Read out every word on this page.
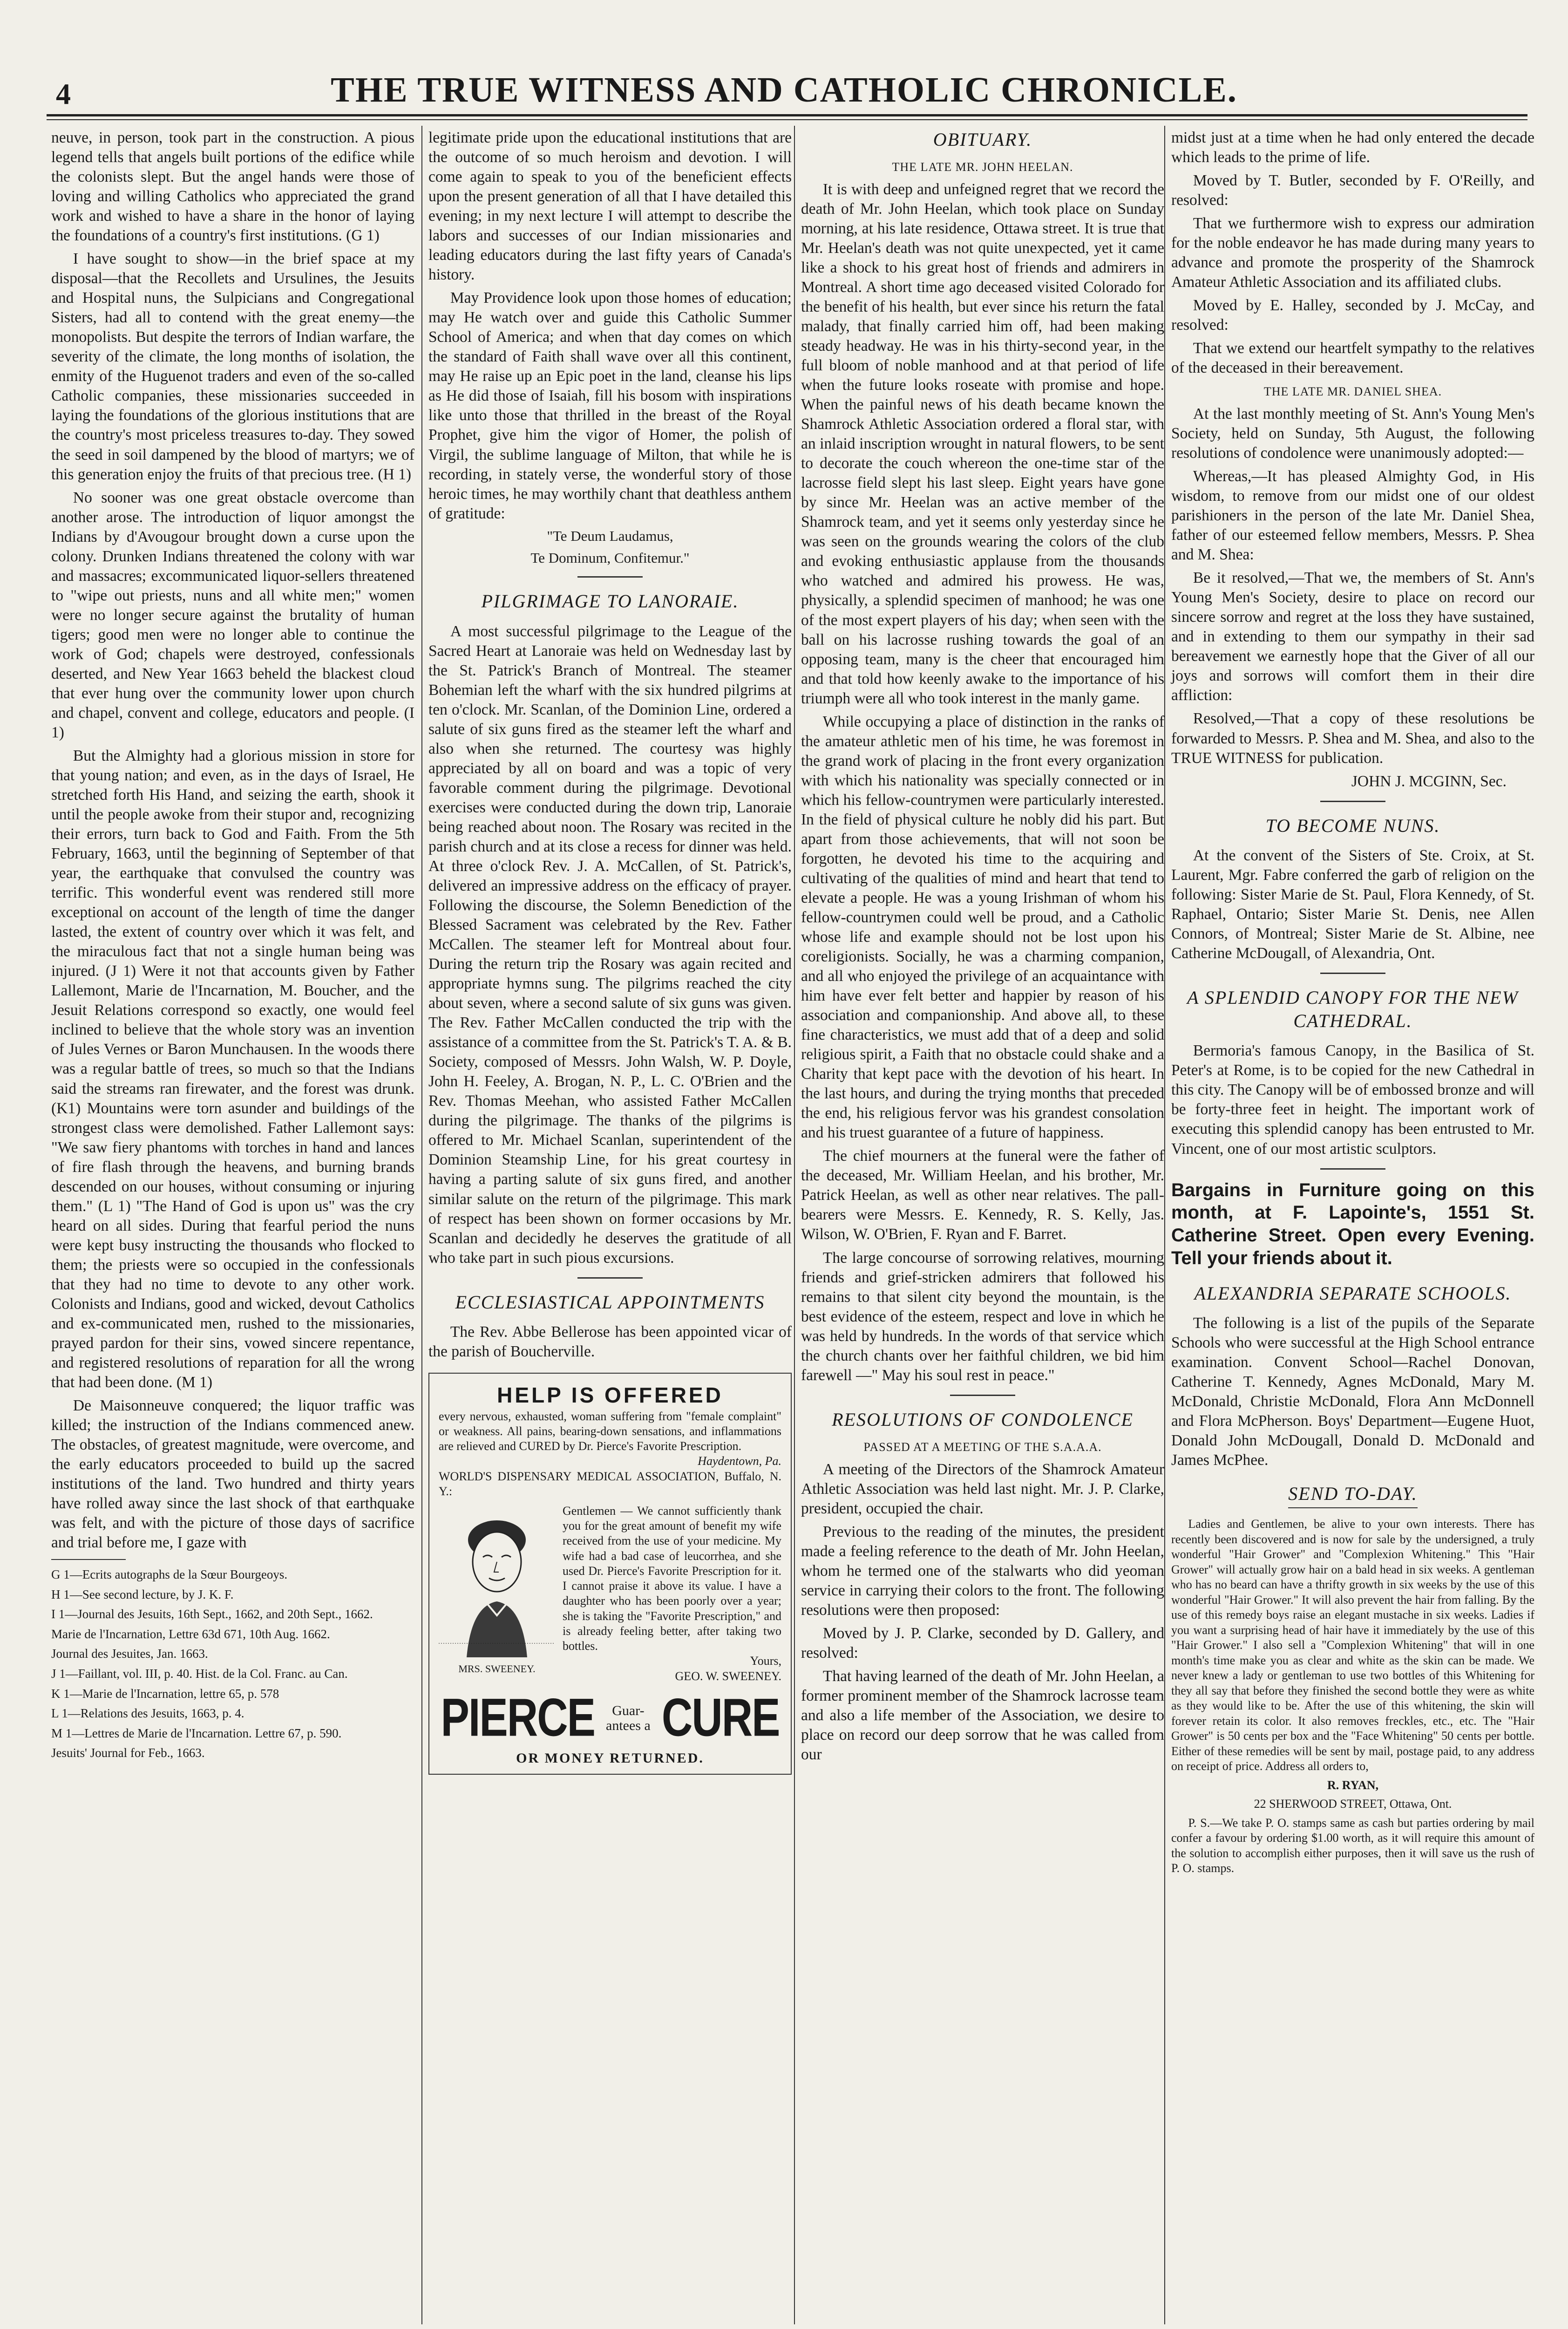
4	THE TRUE WITNESS AND CATHOLIC CHRONICLE.

neuve, in person, took part in the construction. A pious legend tells that angels built portions of the edifice while the colonists slept. But the angel hands were those of loving and willing Catholics who appreciated the grand work and wished to have a share in the honor of laying the foundations of a country's first institutions. (G 1)

I have sought to show—in the brief space at my disposal—that the Recollets and Ursulines, the Jesuits and Hospital nuns, the Sulpicians and Congregational Sisters, had all to contend with the great enemy—the monopolists. But despite the terrors of Indian warfare, the severity of the climate, the long months of isolation, the enmity of the Huguenot traders and even of the so-called Catholic companies, these missionaries succeeded in laying the foundations of the glorious institutions that are the country's most priceless treasures to-day. They sowed the seed in soil dampened by the blood of martyrs; we of this generation enjoy the fruits of that precious tree. (H 1)

No sooner was one great obstacle overcome than another arose. The introduction of liquor amongst the Indians by d'Avougour brought down a curse upon the colony. Drunken Indians threatened the colony with war and massacres; excommunicated liquor-sellers threatened to "wipe out priests, nuns and all white men;" women were no longer secure against the brutality of human tigers; good men were no longer able to continue the work of God; chapels were destroyed, confessionals deserted, and New Year 1663 beheld the blackest cloud that ever hung over the community lower upon church and chapel, convent and college, educators and people. (I 1)

But the Almighty had a glorious mission in store for that young nation; and even, as in the days of Israel, He stretched forth His Hand, and seizing the earth, shook it until the people awoke from their stupor and, recognizing their errors, turn back to God and Faith. From the 5th February, 1663, until the beginning of September of that year, the earthquake that convulsed the country was terrific. This wonderful event was rendered still more exceptional on account of the length of time the danger lasted, the extent of country over which it was felt, and the miraculous fact that not a single human being was injured. (J 1) Were it not that accounts given by Father Lallemont, Marie de l'Incarnation, M. Boucher, and the Jesuit Relations correspond so exactly, one would feel inclined to believe that the whole story was an invention of Jules Vernes or Baron Munchausen. In the woods there was a regular battle of trees, so much so that the Indians said the streams ran firewater, and the forest was drunk. (K1) Mountains were torn asunder and buildings of the strongest class were demolished. Father Lallemont says: "We saw fiery phantoms with torches in hand and lances of fire flash through the heavens, and burning brands descended on our houses, without consuming or injuring them." (L 1) "The Hand of God is upon us" was the cry heard on all sides. During that fearful period the nuns were kept busy instructing the thousands who flocked to them; the priests were so occupied in the confessionals that they had no time to devote to any other work. Colonists and Indians, good and wicked, devout Catholics and ex-communicated men, rushed to the missionaries, prayed pardon for their sins, vowed sincere repentance, and registered resolutions of reparation for all the wrong that had been done. (M 1)

De Maisonneuve conquered; the liquor traffic was killed; the instruction of the Indians commenced anew. The obstacles, of greatest magnitude, were overcome, and the early educators proceeded to build up the sacred institutions of the land. Two hundred and thirty years have rolled away since the last shock of that earthquake was felt, and with the picture of those days of sacrifice and trial before me, I gaze with

G 1—Ecrits autographs de la Sœur Bourgeoys.

H 1—See second lecture, by J. K. F.

I 1—Journal des Jesuits, 16th Sept., 1662, and 20th Sept., 1662.

Marie de l'Incarnation, Lettre 63d 671, 10th Aug. 1662.

Journal des Jesuites, Jan. 1663.

J 1—Faillant, vol. III, p. 40. Hist. de la Col. Franc. au Can.

K 1—Marie de l'Incarnation, lettre 65, p. 578

L 1—Relations des Jesuits, 1663, p. 4.

M 1—Lettres de Marie de l'Incarnation. Lettre 67, p. 590.

Jesuits' Journal for Feb., 1663.

legitimate pride upon the educational institutions that are the outcome of so much heroism and devotion. I will come again to speak to you of the beneficient effects upon the present generation of all that I have detailed this evening; in my next lecture I will attempt to describe the labors and successes of our Indian missionaries and leading educators during the last fifty years of Canada's history.

May Providence look upon those homes of education; may He watch over and guide this Catholic Summer School of America; and when that day comes on which the standard of Faith shall wave over all this continent, may He raise up an Epic poet in the land, cleanse his lips as He did those of Isaiah, fill his bosom with inspirations like unto those that thrilled in the breast of the Royal Prophet, give him the vigor of Homer, the polish of Virgil, the sublime language of Milton, that while he is recording, in stately verse, the wonderful story of those heroic times, he may worthily chant that deathless anthem of gratitude:

"Te Deum Laudamus,

Te Dominum, Confitemur."

PILGRIMAGE TO LANORAIE.

A most successful pilgrimage to the League of the Sacred Heart at Lanoraie was held on Wednesday last by the St. Patrick's Branch of Montreal. The steamer Bohemian left the wharf with the six hundred pilgrims at ten o'clock. Mr. Scanlan, of the Dominion Line, ordered a salute of six guns fired as the steamer left the wharf and also when she returned. The courtesy was highly appreciated by all on board and was a topic of very favorable comment during the pilgrimage. Devotional exercises were conducted during the down trip, Lanoraie being reached about noon. The Rosary was recited in the parish church and at its close a recess for dinner was held. At three o'clock Rev. J. A. McCallen, of St. Patrick's, delivered an impressive address on the efficacy of prayer. Following the discourse, the Solemn Benediction of the Blessed Sacrament was celebrated by the Rev. Father McCallen. The steamer left for Montreal about four. During the return trip the Rosary was again recited and appropriate hymns sung. The pilgrims reached the city about seven, where a second salute of six guns was given. The Rev. Father McCallen conducted the trip with the assistance of a committee from the St. Patrick's T. A. & B. Society, composed of Messrs. John Walsh, W. P. Doyle, John H. Feeley, A. Brogan, N. P., L. C. O'Brien and the Rev. Thomas Meehan, who assisted Father McCallen during the pilgrimage. The thanks of the pilgrims is offered to Mr. Michael Scanlan, superintendent of the Dominion Steamship Line, for his great courtesy in having a parting salute of six guns fired, and another similar salute on the return of the pilgrimage. This mark of respect has been shown on former occasions by Mr. Scanlan and decidedly he deserves the gratitude of all who take part in such pious excursions.

ECCLESIASTICAL APPOINTMENTS

The Rev. Abbe Bellerose has been appointed vicar of the parish of Boucherville.

HELP IS OFFERED
every nervous, exhausted, woman suffering from "female complaint" or weakness. All pains, bearing-down sensations, and inflammations are relieved and CURED by Dr. Pierce's Favorite Prescription.
Haydentown, Pa.
WORLD'S DISPENSARY MEDICAL ASSOCIATION, Buffalo, N. Y.:
MRS. SWEENEY.
Gentlemen — We cannot sufficiently thank you for the great amount of benefit my wife received from the use of your medicine. My wife had a bad case of leucorrhea, and she used Dr. Pierce's Favorite Prescription for it. I cannot praise it above its value. I have a daughter who has been poorly over a year; she is taking the "Favorite Prescription," and is already feeling better, after taking two bottles.
Yours,
GEO. W. SWEENEY.
PIERCE	Guar-
antees a CURE
OR MONEY RETURNED.
OBITUARY.
THE LATE MR. JOHN HEELAN.

It is with deep and unfeigned regret that we record the death of Mr. John Heelan, which took place on Sunday morning, at his late residence, Ottawa street. It is true that Mr. Heelan's death was not quite unexpected, yet it came like a shock to his great host of friends and admirers in Montreal. A short time ago deceased visited Colorado for the benefit of his health, but ever since his return the fatal malady, that finally carried him off, had been making steady headway. He was in his thirty-second year, in the full bloom of noble manhood and at that period of life when the future looks roseate with promise and hope. When the painful news of his death became known the Shamrock Athletic Association ordered a floral star, with an inlaid inscription wrought in natural flowers, to be sent to decorate the couch whereon the one-time star of the lacrosse field slept his last sleep. Eight years have gone by since Mr. Heelan was an active member of the Shamrock team, and yet it seems only yesterday since he was seen on the grounds wearing the colors of the club and evoking enthusiastic applause from the thousands who watched and admired his prowess. He was, physically, a splendid specimen of manhood; he was one of the most expert players of his day; when seen with the ball on his lacrosse rushing towards the goal of an opposing team, many is the cheer that encouraged him and that told how keenly awake to the importance of his triumph were all who took interest in the manly game.

While occupying a place of distinction in the ranks of the amateur athletic men of his time, he was foremost in the grand work of placing in the front every organization with which his nationality was specially connected or in which his fellow-countrymen were particularly interested. In the field of physical culture he nobly did his part. But apart from those achievements, that will not soon be forgotten, he devoted his time to the acquiring and cultivating of the qualities of mind and heart that tend to elevate a people. He was a young Irishman of whom his fellow-countrymen could well be proud, and a Catholic whose life and example should not be lost upon his coreligionists. Socially, he was a charming companion, and all who enjoyed the privilege of an acquaintance with him have ever felt better and happier by reason of his association and companionship. And above all, to these fine characteristics, we must add that of a deep and solid religious spirit, a Faith that no obstacle could shake and a Charity that kept pace with the devotion of his heart. In the last hours, and during the trying months that preceded the end, his religious fervor was his grandest consolation and his truest guarantee of a future of happiness.

The chief mourners at the funeral were the father of the deceased, Mr. William Heelan, and his brother, Mr. Patrick Heelan, as well as other near relatives. The pall-bearers were Messrs. E. Kennedy, R. S. Kelly, Jas. Wilson, W. O'Brien, F. Ryan and F. Barret.

The large concourse of sorrowing relatives, mourning friends and grief-stricken admirers that followed his remains to that silent city beyond the mountain, is the best evidence of the esteem, respect and love in which he was held by hundreds. In the words of that service which the church chants over her faithful children, we bid him farewell —" May his soul rest in peace."

RESOLUTIONS OF CONDOLENCE
PASSED AT A MEETING OF THE S.A.A.A.

A meeting of the Directors of the Shamrock Amateur Athletic Association was held last night. Mr. J. P. Clarke, president, occupied the chair.

Previous to the reading of the minutes, the president made a feeling reference to the death of Mr. John Heelan, whom he termed one of the stalwarts who did yeoman service in carrying their colors to the front. The following resolutions were then proposed:

Moved by J. P. Clarke, seconded by D. Gallery, and resolved:

That having learned of the death of Mr. John Heelan, a former prominent member of the Shamrock lacrosse team and also a life member of the Association, we desire to place on record our deep sorrow that he was called from our

midst just at a time when he had only entered the decade which leads to the prime of life.

Moved by T. Butler, seconded by F. O'Reilly, and resolved:

That we furthermore wish to express our admiration for the noble endeavor he has made during many years to advance and promote the prosperity of the Shamrock Amateur Athletic Association and its affiliated clubs.

Moved by E. Halley, seconded by J. McCay, and resolved:

That we extend our heartfelt sympathy to the relatives of the deceased in their bereavement.

THE LATE MR. DANIEL SHEA.

At the last monthly meeting of St. Ann's Young Men's Society, held on Sunday, 5th August, the following resolutions of condolence were unanimously adopted:—

Whereas,—It has pleased Almighty God, in His wisdom, to remove from our midst one of our oldest parishioners in the person of the late Mr. Daniel Shea, father of our esteemed fellow members, Messrs. P. Shea and M. Shea:

Be it resolved,—That we, the members of St. Ann's Young Men's Society, desire to place on record our sincere sorrow and regret at the loss they have sustained, and in extending to them our sympathy in their sad bereavement we earnestly hope that the Giver of all our joys and sorrows will comfort them in their dire affliction:

Resolved,—That a copy of these resolutions be forwarded to Messrs. P. Shea and M. Shea, and also to the TRUE WITNESS for publication.

JOHN J. MCGINN, Sec.

TO BECOME NUNS.

At the convent of the Sisters of Ste. Croix, at St. Laurent, Mgr. Fabre conferred the garb of religion on the following: Sister Marie de St. Paul, Flora Kennedy, of St. Raphael, Ontario; Sister Marie St. Denis, nee Allen Connors, of Montreal; Sister Marie de St. Albine, nee Catherine McDougall, of Alexandria, Ont.

A SPLENDID CANOPY FOR THE NEW CATHEDRAL.

Bermoria's famous Canopy, in the Basilica of St. Peter's at Rome, is to be copied for the new Cathedral in this city. The Canopy will be of embossed bronze and will be forty-three feet in height. The important work of executing this splendid canopy has been entrusted to Mr. Vincent, one of our most artistic sculptors.

Bargains in Furniture going on this month, at F. Lapointe's, 1551 St. Catherine Street. Open every Evening. Tell your friends about it.

ALEXANDRIA SEPARATE SCHOOLS.

The following is a list of the pupils of the Separate Schools who were successful at the High School entrance examination. Convent School—Rachel Donovan, Catherine T. Kennedy, Agnes McDonald, Mary M. McDonald, Christie McDonald, Flora Ann McDonnell and Flora McPherson. Boys' Department—Eugene Huot, Donald John McDougall, Donald D. McDonald and James McPhee.

SEND TO-DAY.

Ladies and Gentlemen, be alive to your own interests. There has recently been discovered and is now for sale by the undersigned, a truly wonderful "Hair Grower" and "Complexion Whitening." This "Hair Grower" will actually grow hair on a bald head in six weeks. A gentleman who has no beard can have a thrifty growth in six weeks by the use of this wonderful "Hair Grower." It will also prevent the hair from falling. By the use of this remedy boys raise an elegant mustache in six weeks. Ladies if you want a surprising head of hair have it immediately by the use of this "Hair Grower." I also sell a "Complexion Whitening" that will in one month's time make you as clear and white as the skin can be made. We never knew a lady or gentleman to use two bottles of this Whitening for they all say that before they finished the second bottle they were as white as they would like to be. After the use of this whitening, the skin will forever retain its color. It also removes freckles, etc., etc. The "Hair Grower" is 50 cents per box and the "Face Whitening" 50 cents per bottle. Either of these remedies will be sent by mail, postage paid, to any address on receipt of price. Address all orders to,

R. RYAN,

22 SHERWOOD STREET, Ottawa, Ont.

P. S.—We take P. O. stamps same as cash but parties ordering by mail confer a favour by ordering $1.00 worth, as it will require this amount of the solution to accomplish either purposes, then it will save us the rush of P. O. stamps.
